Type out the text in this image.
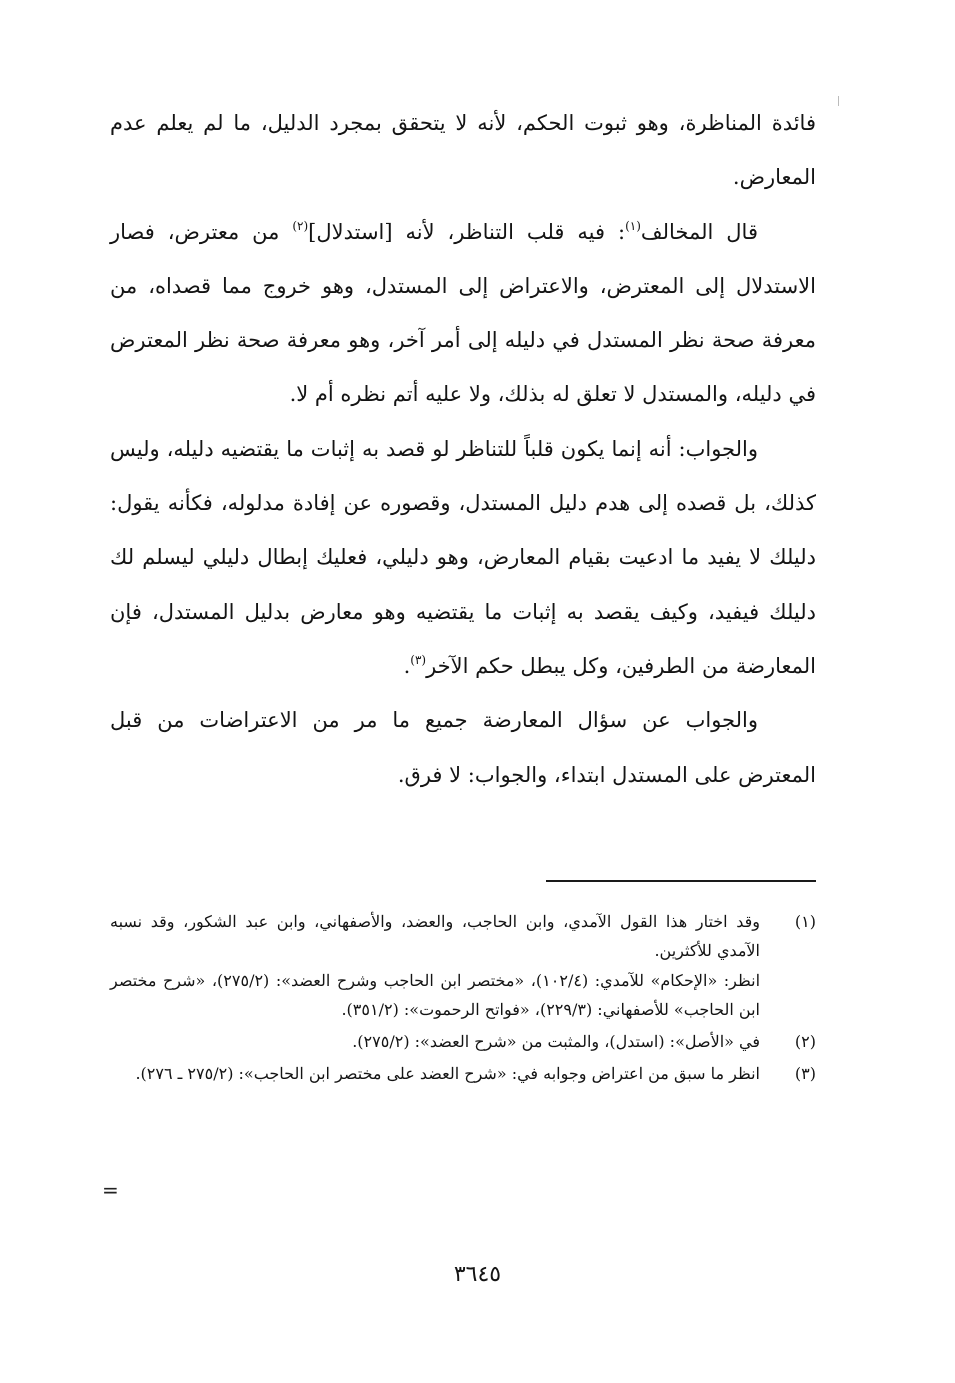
فائدة المناظرة، وهو ثبوت الحكم، لأنه لا يتحقق بمجرد الدليل، ما لم يعلم عدم المعارض.

قال المخالف$^{(١)}$: فيه قلب التناظر، لأنه [استدلال]$^{(٢)}$ من معترض، فصار الاستدلال إلى المعترض، والاعتراض إلى المستدل، وهو خروج مما قصداه، من معرفة صحة نظر المستدل في دليله إلى أمر آخر، وهو معرفة صحة نظر المعترض في دليله، والمستدل لا تعلق له بذلك، ولا عليه أتم نظره أم لا.

والجواب: أنه إنما يكون قلباً للتناظر لو قصد به إثبات ما يقتضيه دليله، وليس كذلك، بل قصده إلى هدم دليل المستدل، وقصوره عن إفادة مدلوله، فكأنه يقول: دليلك لا يفيد ما ادعيت بقيام المعارض، وهو دليلي، فعليك إبطال دليلي ليسلم لك دليلك فيفيد، وكيف يقصد به إثبات ما يقتضيه وهو معارض بدليل المستدل، فإن المعارضة من الطرفين، وكل يبطل حكم الآخر$^{(٣)}$.

والجواب عن سؤال المعارضة جميع ما مر من الاعتراضات من قبل المعترض على المستدل ابتداء، والجواب: لا فرق.

(١)
وقد اختار هذا القول الآمدي، وابن الحاجب، والعضد، والأصفهاني، وابن عبد الشكور، وقد نسبه الآمدي للأكثرين.
انظر: «الإحكام» للآمدي: (١٠٢/٤)، «مختصر ابن الحاجب وشرح العضد»: (٢٧٥/٢)، «شرح مختصر ابن الحاجب» للأصفهاني: (٢٢٩/٣)، «فواتح الرحموت»: (٣٥١/٢).
(٢)
في «الأصل»: (استدل)، والمثبت من «شرح العضد»: (٢٧٥/٢).
(٣)
انظر ما سبق من اعتراض وجوابه في: «شرح العضد على مختصر ابن الحاجب»: (٢٧٥/٢ ـ ٢٧٦).
=
٣٦٤٥
